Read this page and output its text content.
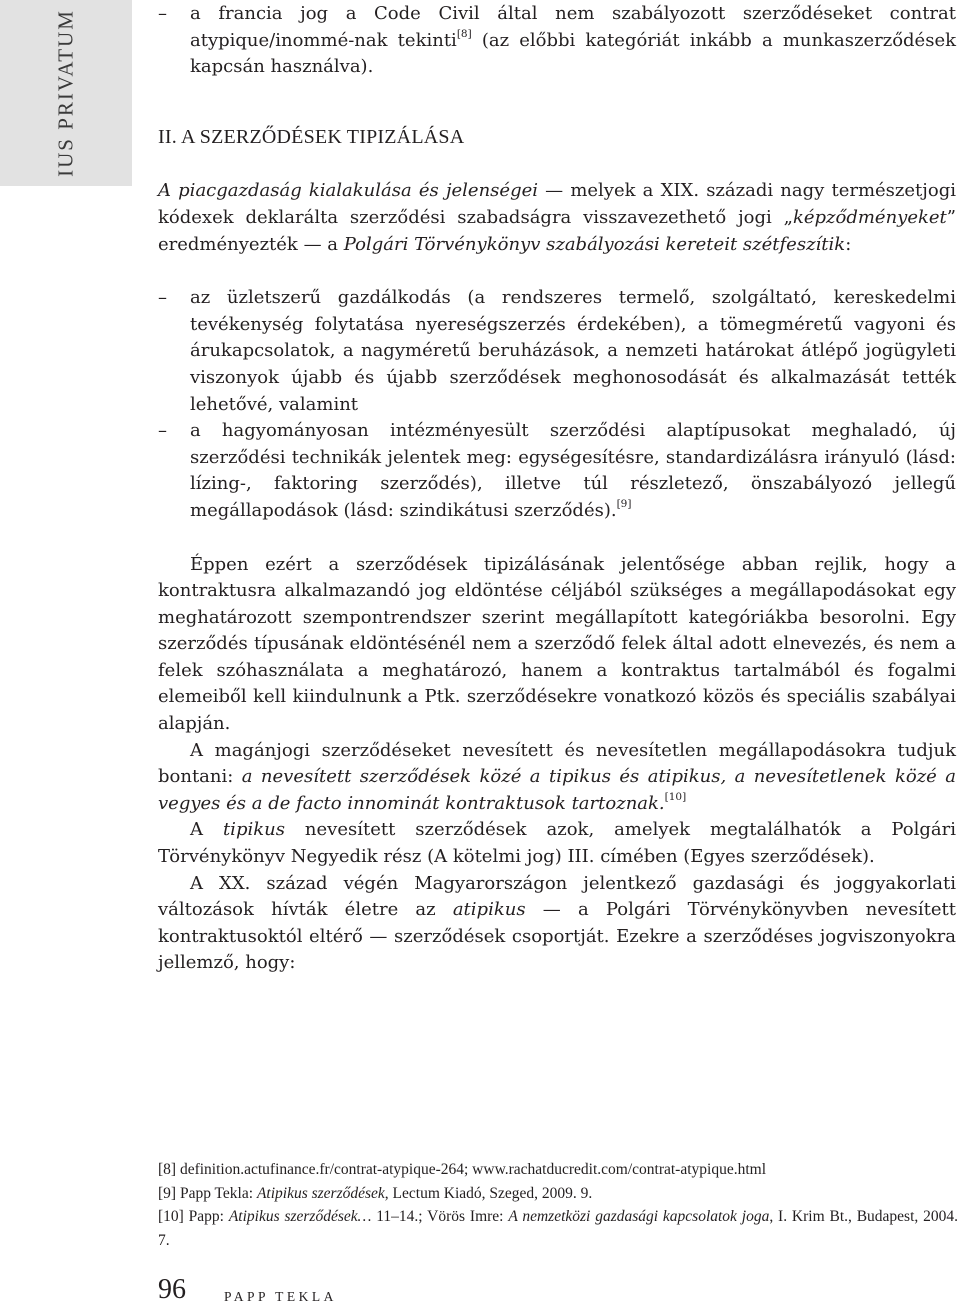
IUS PRIVATUM
–	a francia jog a Code Civil által nem szabályozott szerződéseket contrat atypique/inommé-nak tekinti[8] (az előbbi kategóriát inkább a munkaszerződések kapcsán használva).
II. A SZERZŐDÉSEK TIPIZÁLÁSA

A piacgazdaság kialakulása és jelenségei — melyek a XIX. századi nagy természetjogi kódexek deklarálta szerződési szabadságra visszavezethető jogi „képződményeket” eredményezték — a Polgári Törvénykönyv szabályozási kereteit szétfeszítik:

– az üzletszerű gazdálkodás (a rendszeres termelő, szolgáltató, kereskedelmi tevékenység folytatása nyereségszerzés érdekében), a tömegméretű vagyoni és árukapcsolatok, a nagyméretű beruházások, a nemzeti határokat átlépő jogügyleti viszonyok újabb és újabb szerződések meghonosodását és alkalmazását tették lehetővé, valamint
– a hagyományosan intézményesült szerződési alaptípusokat meghaladó, új szerződési technikák jelentek meg: egységesítésre, standardizálásra irányuló (lásd: lízing-, faktoring szerződés), illetve túl részletező, önszabályozó jellegű megállapodások (lásd: szindikátusi szerződés).[9]

Éppen ezért a szerződések tipizálásának jelentősége abban rejlik, hogy a kontraktusra alkalmazandó jog eldöntése céljából szükséges a megállapodásokat egy meghatározott szempontrendszer szerint megállapított kategóriákba besorolni. Egy szerződés típusának eldöntésénél nem a szerződő felek által adott elnevezés, és nem a felek szóhasználata a meghatározó, hanem a kontraktus tartalmából és fogalmi elemeiből kell kiindulnunk a Ptk. szerződésekre vonatkozó közös és speciális szabályai alapján.

A magánjogi szerződéseket nevesített és nevesítetlen megállapodásokra tudjuk bontani: a nevesített szerződések közé a tipikus és atipikus, a nevesítetlenek közé a vegyes és a de facto innominát kontraktusok tartoznak.[10]

A tipikus nevesített szerződések azok, amelyek megtalálhatók a Polgári Törvénykönyv Negyedik rész (A kötelmi jog) III. címében (Egyes szerződések).

A XX. század végén Magyarországon jelentkező gazdasági és joggyakorlati változások hívták életre az atipikus — a Polgári Törvénykönyvben nevesített kontraktusoktól eltérő — szerződések csoportját. Ezekre a szerződéses jogviszonyokra jellemző, hogy:

[8] definition.actufinance.fr/contrat-atypique-264; www.rachatducredit.com/contrat-atypique.html

[9] Papp Tekla: Atipikus szerződések, Lectum Kiadó, Szeged, 2009. 9.

[10] Papp: Atipikus szerződések… 11–14.; Vörös Imre: A nemzetközi gazdasági kapcsolatok joga, I. Krim Bt., Budapest, 2004. 7.

96	PAPP TEKLA
